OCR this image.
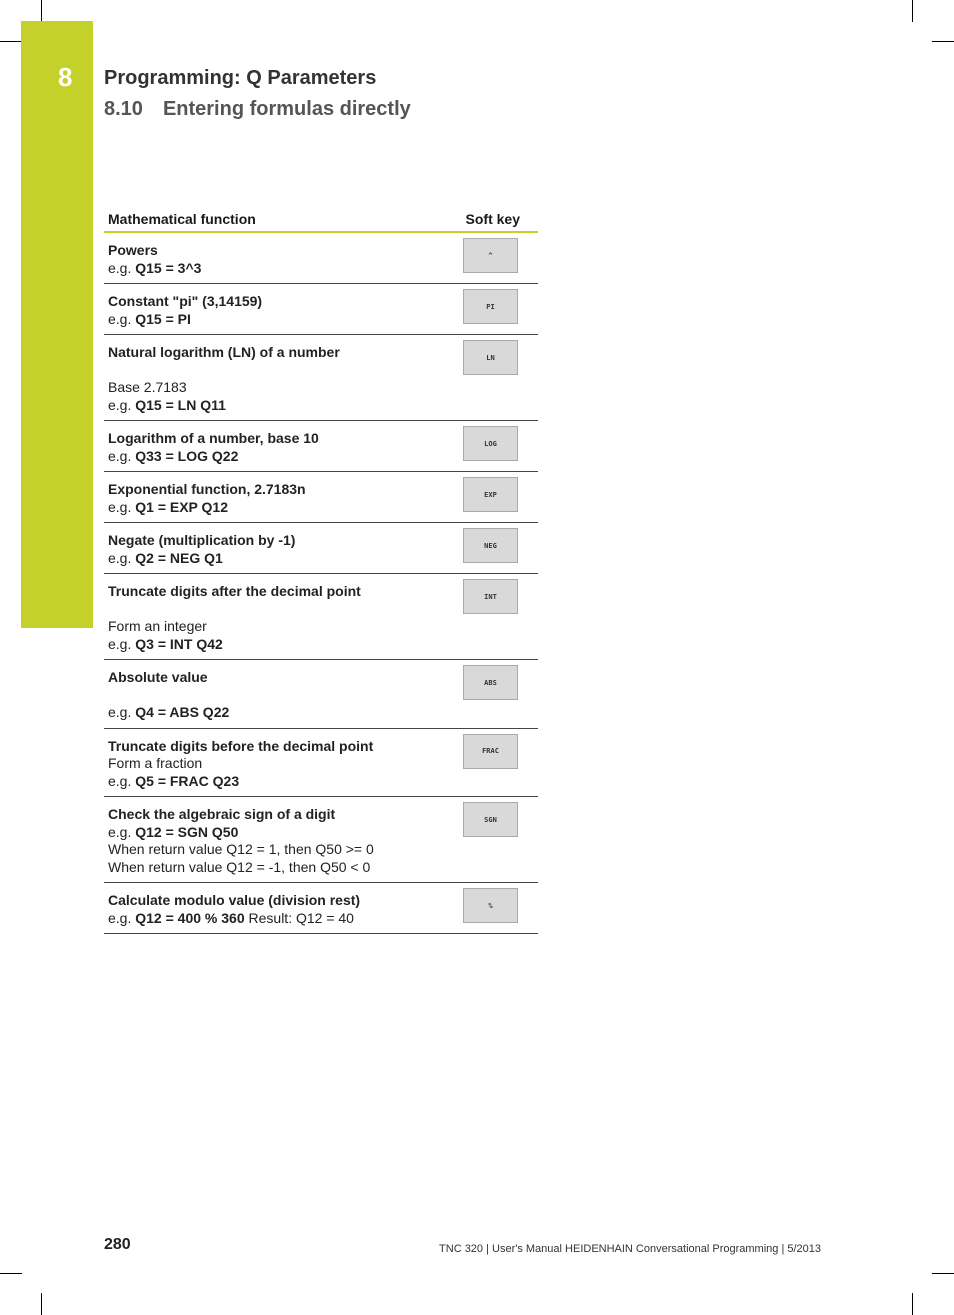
8 Programming: Q Parameters
8.10 Entering formulas directly
Mathematical function	Soft key
Powers
e.g. Q15 = 3^3
^
Constant "pi" (3,14159)
e.g. Q15 = PI
PI
Natural logarithm (LN) of a number
Base 2.7183
e.g. Q15 = LN Q11
LN
Logarithm of a number, base 10
e.g. Q33 = LOG Q22
LOG
Exponential function, 2.7183n
e.g. Q1 = EXP Q12
EXP
Negate (multiplication by -1)
e.g. Q2 = NEG Q1
NEG
Truncate digits after the decimal point
Form an integer
e.g. Q3 = INT Q42
INT
Absolute value
e.g. Q4 = ABS Q22
ABS
Truncate digits before the decimal point
Form a fraction
e.g. Q5 = FRAC Q23
FRAC
Check the algebraic sign of a digit
e.g. Q12 = SGN Q50
When return value Q12 = 1, then Q50 >= 0
When return value Q12 = -1, then Q50 < 0
SGN
Calculate modulo value (division rest)
e.g. Q12 = 400 % 360 Result: Q12 = 40
%
280	TNC 320 | User's Manual HEIDENHAIN Conversational Programming | 5/2013
